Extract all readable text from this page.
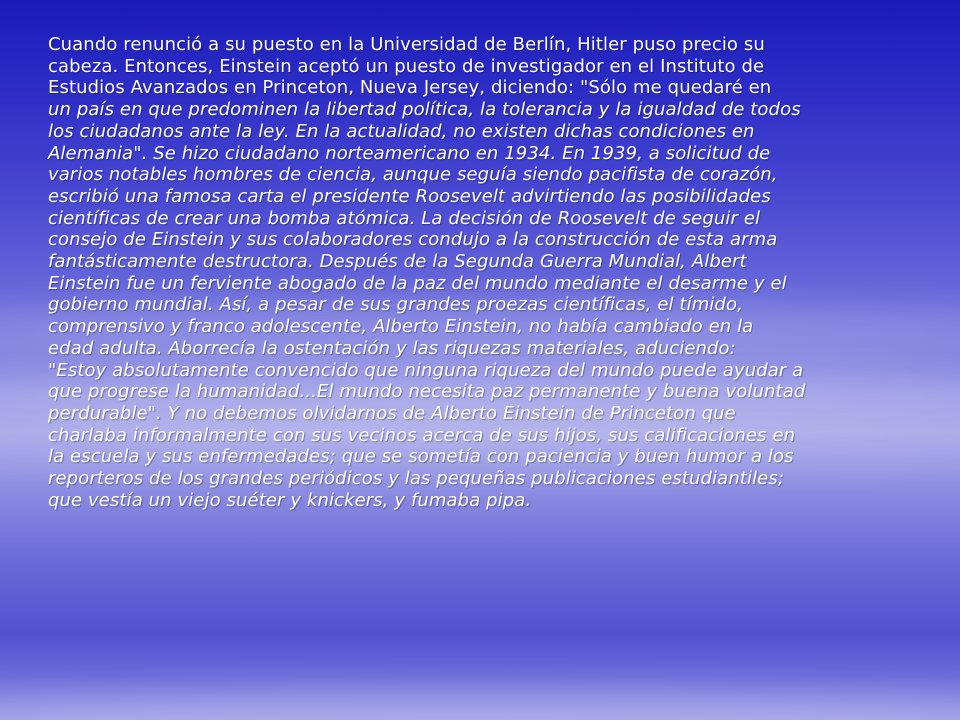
Cuando renunció a su puesto en la Universidad de Berlín, Hitler puso precio su
cabeza. Entonces, Einstein aceptó un puesto de investigador en el Instituto de
Estudios Avanzados en Princeton, Nueva Jersey, diciendo: "Sólo me quedaré en
un país en que predominen la libertad política, la tolerancia y la igualdad de todos
los ciudadanos ante la ley. En la actualidad, no existen dichas condiciones en
Alemania". Se hizo ciudadano norteamericano en 1934. En 1939, a solicitud de
varios notables hombres de ciencia, aunque seguía siendo pacifista de corazón,
escribió una famosa carta el presidente Roosevelt advirtiendo las posibilidades
científicas de crear una bomba atómica. La decisión de Roosevelt de seguir el
consejo de Einstein y sus colaboradores condujo a la construcción de esta arma
fantásticamente destructora. Después de la Segunda Guerra Mundial, Albert
Einstein fue un ferviente abogado de la paz del mundo mediante el desarme y el
gobierno mundial. Así, a pesar de sus grandes proezas científicas, el tímido,
comprensivo y franco adolescente, Alberto Einstein, no había cambiado en la
edad adulta. Aborrecía la ostentación y las riquezas materiales, aduciendo:
"Estoy absolutamente convencido que ninguna riqueza del mundo puede ayudar a
que progrese la humanidad...El mundo necesita paz permanente y buena voluntad
perdurable". Y no debemos olvidarnos de Alberto Einstein de Princeton que
charlaba informalmente con sus vecinos acerca de sus hijos, sus calificaciones en
la escuela y sus enfermedades; que se sometía con paciencia y buen humor a los
reporteros de los grandes periódicos y las pequeñas publicaciones estudiantiles;
que vestía un viejo suéter y knickers, y fumaba pipa.
